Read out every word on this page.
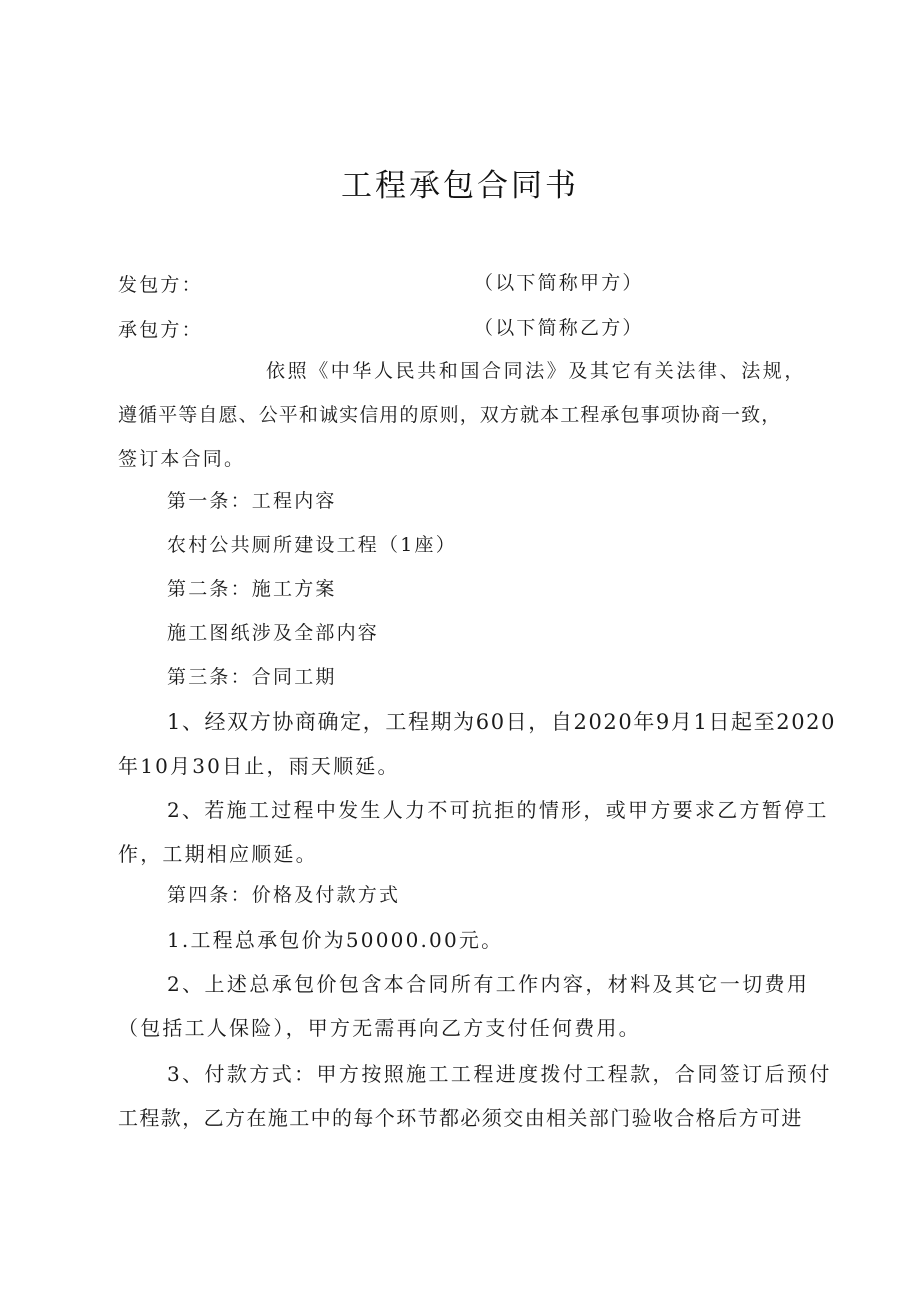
工程承包合同书
发包方：	（以下简称甲方）
承包方：	（以下简称乙方）
依照《中华人民共和国合同法》及其它有关法律、法规，
遵循平等自愿、公平和诚实信用的原则，双方就本工程承包事项协商一致，
签订本合同。
第一条：工程内容
农村公共厕所建设工程（1座）
第二条：施工方案
施工图纸涉及全部内容
第三条：合同工期
1、经双方协商确定，工程期为60日，自2020年9月1日起至2020
年10月30日止，雨天顺延。
2、若施工过程中发生人力不可抗拒的情形，或甲方要求乙方暂停工
作，工期相应顺延。
第四条：价格及付款方式
1.工程总承包价为50000.00元。
2、上述总承包价包含本合同所有工作内容，材料及其它一切费用
（包括工人保险），甲方无需再向乙方支付任何费用。
3、付款方式：甲方按照施工工程进度拨付工程款，合同签订后预付
工程款，乙方在施工中的每个环节都必须交由相关部门验收合格后方可进
